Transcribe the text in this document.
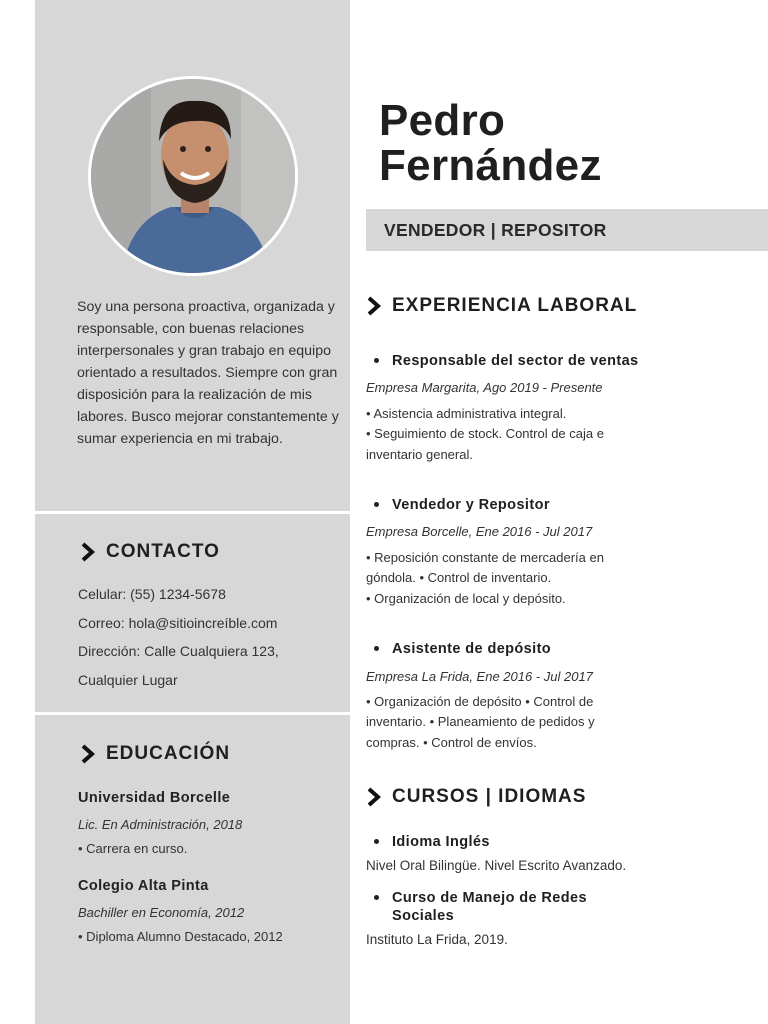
Soy una persona proactiva, organizada y responsable, con buenas relaciones interpersonales y gran trabajo en equipo orientado a resultados. Siempre con gran disposición para la realización de mis labores. Busco mejorar constantemente y sumar experiencia en mi trabajo.
CONTACTO
Celular: (55) 1234-5678
Correo: hola@sitioincreíble.com
Dirección: Calle Cualquiera 123,
Cualquier Lugar
EDUCACIÓN
Universidad Borcelle
Lic. En Administración, 2018
• Carrera en curso.
Colegio Alta Pinta
Bachiller en Economía, 2012
• Diploma Alumno Destacado, 2012
Pedro
Fernández
VENDEDOR | REPOSITOR
EXPERIENCIA LABORAL
Responsable del sector de ventas
Empresa Margarita, Ago 2019 - Presente
• Asistencia administrativa integral.
• Seguimiento de stock. Control de caja e
inventario general.
Vendedor y Repositor
Empresa Borcelle, Ene 2016 - Jul 2017
• Reposición constante de mercadería en
góndola. • Control de inventario.
• Organización de local y depósito.
Asistente de depósito
Empresa La Frida, Ene 2016 - Jul 2017
• Organización de depósito • Control de
inventario. • Planeamiento de pedidos y
compras. • Control de envíos.
CURSOS | IDIOMAS
Idioma Inglés
Nivel Oral Bilingüe. Nivel Escrito Avanzado.
Curso de Manejo de Redes
Sociales
Instituto La Frida, 2019.
